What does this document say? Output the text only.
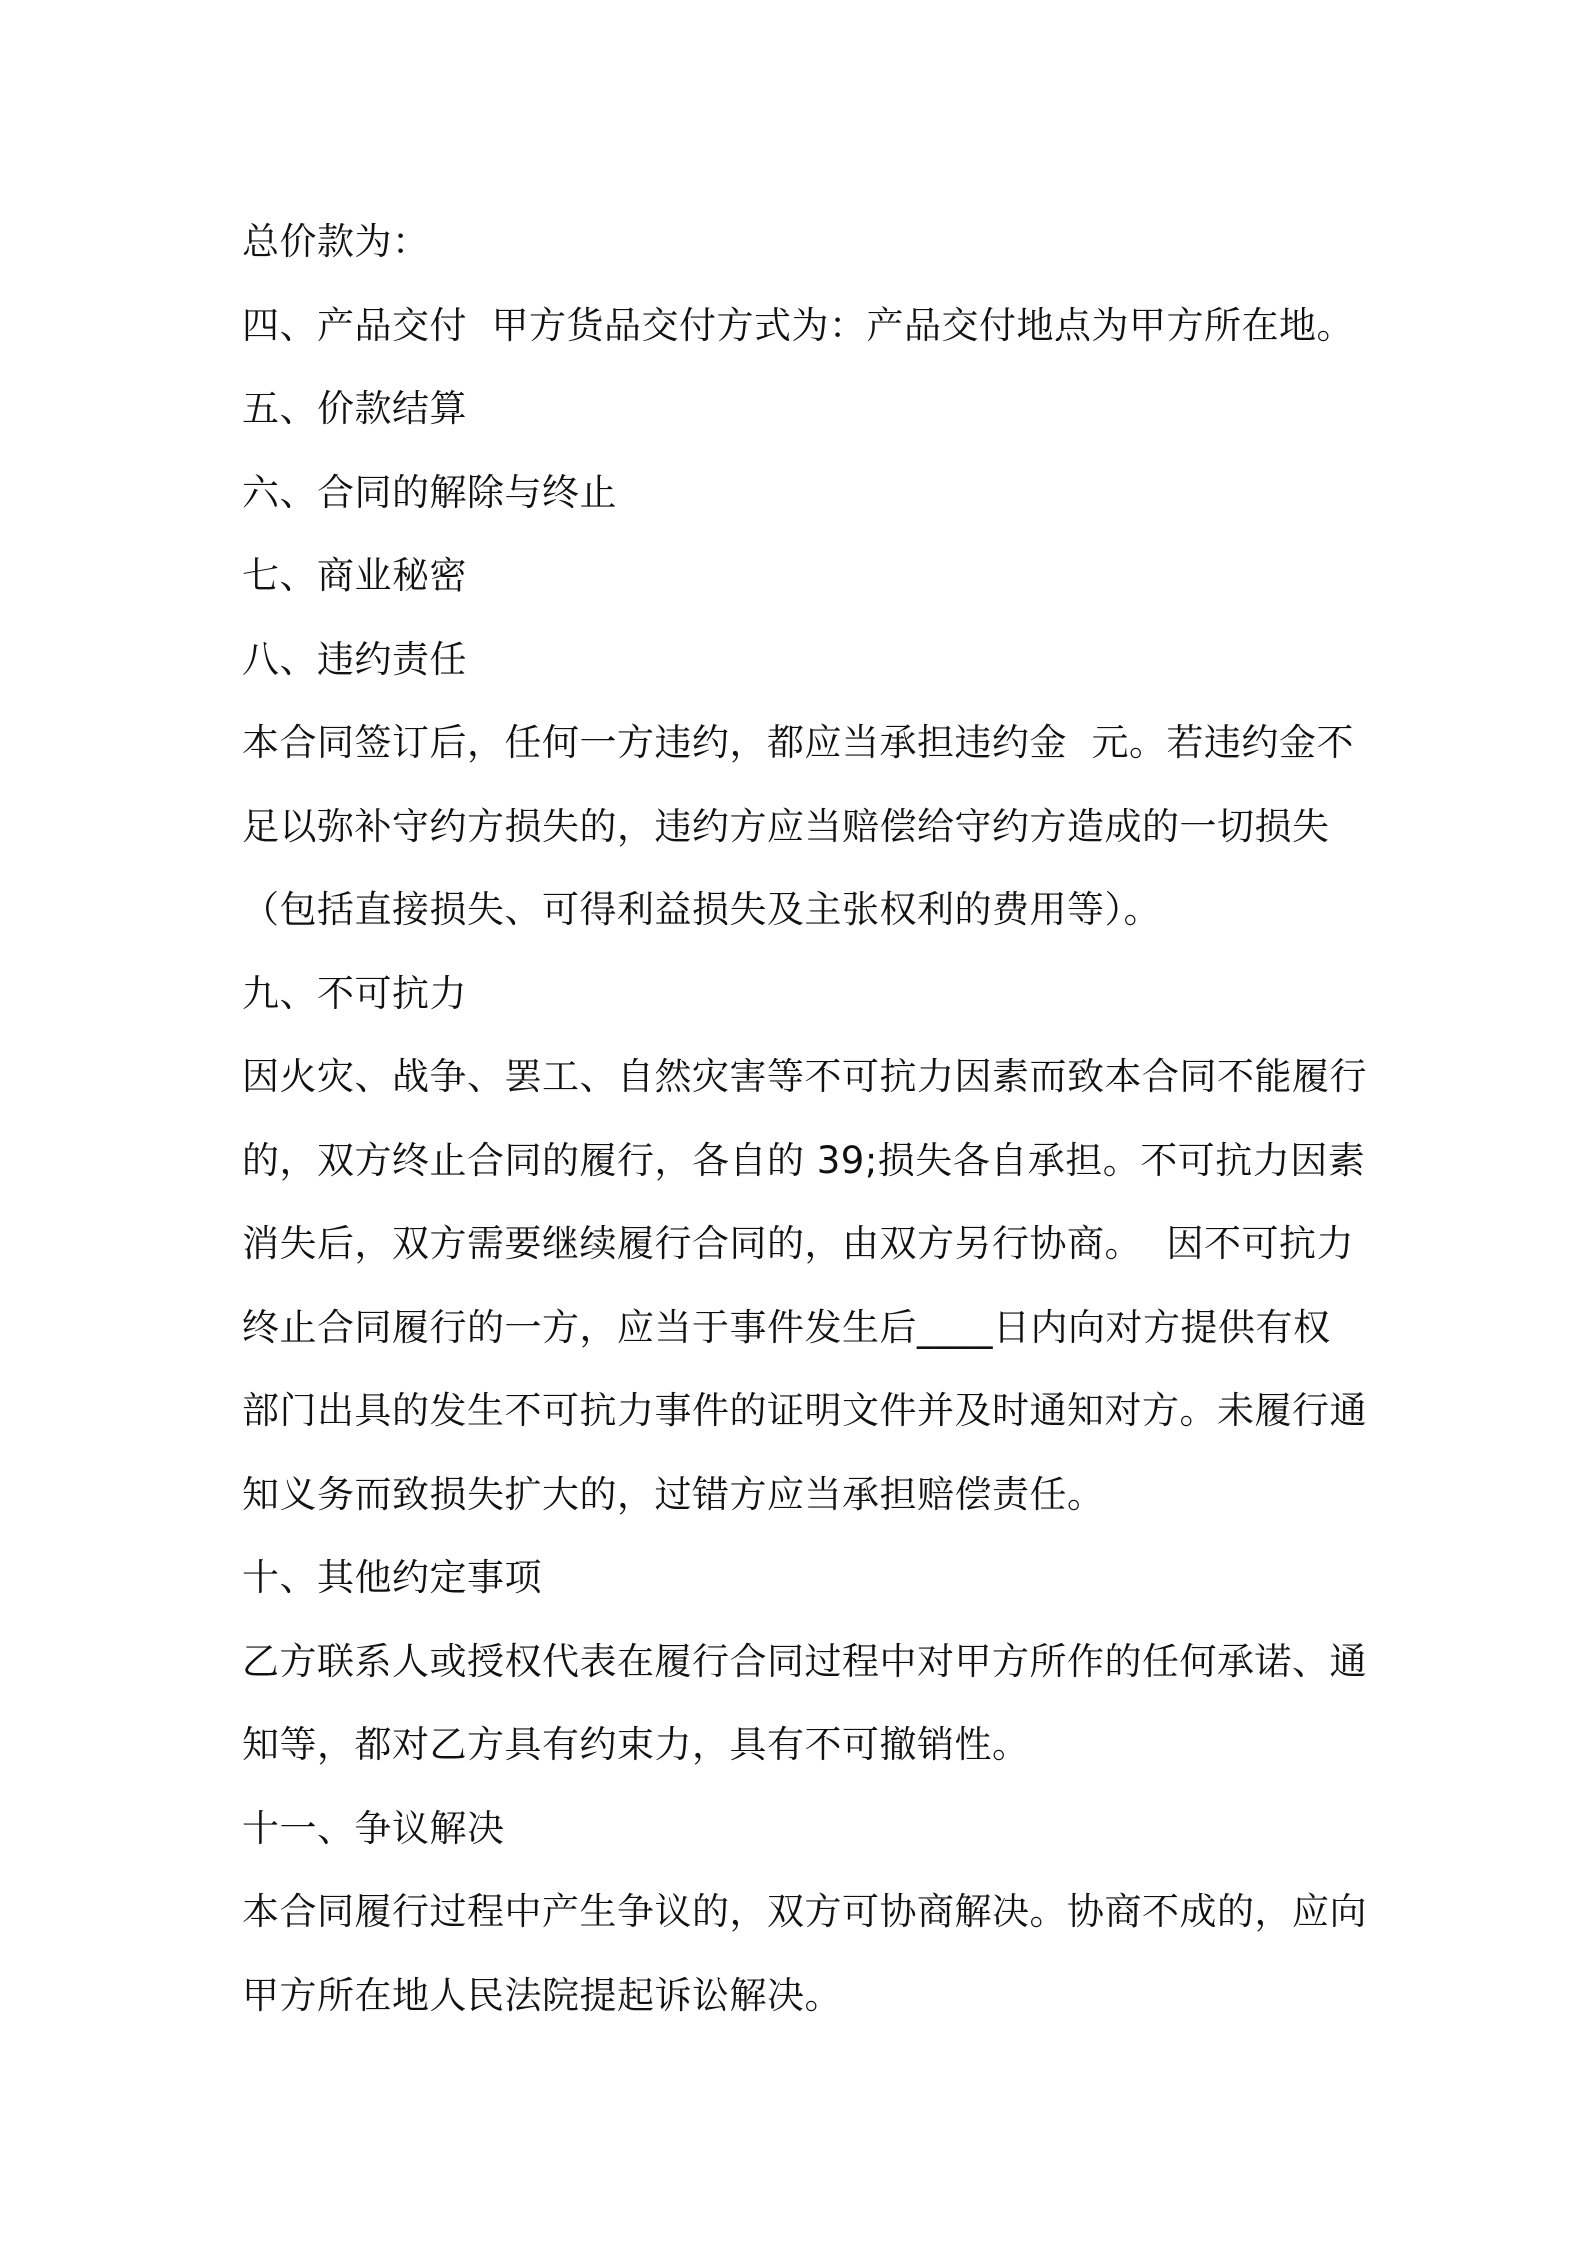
总价款为：
四、产品交付  甲方货品交付方式为：产品交付地点为甲方所在地。
五、价款结算
六、合同的解除与终止
七、商业秘密
八、违约责任
本合同签订后，任何一方违约，都应当承担违约金  元。若违约金不
足以弥补守约方损失的，违约方应当赔偿给守约方造成的一切损失
（包括直接损失、可得利益损失及主张权利的费用等）。
九、不可抗力
因火灾、战争、罢工、自然灾害等不可抗力因素而致本合同不能履行
的，双方终止合同的履行，各自的 39;损失各自承担。不可抗力因素
消失后，双方需要继续履行合同的，由双方另行协商。  因不可抗力
终止合同履行的一方，应当于事件发生后____日内向对方提供有权
部门出具的发生不可抗力事件的证明文件并及时通知对方。未履行通
知义务而致损失扩大的，过错方应当承担赔偿责任。
十、其他约定事项
乙方联系人或授权代表在履行合同过程中对甲方所作的任何承诺、通
知等，都对乙方具有约束力，具有不可撤销性。
十一、争议解决
本合同履行过程中产生争议的，双方可协商解决。协商不成的，应向
甲方所在地人民法院提起诉讼解决。
